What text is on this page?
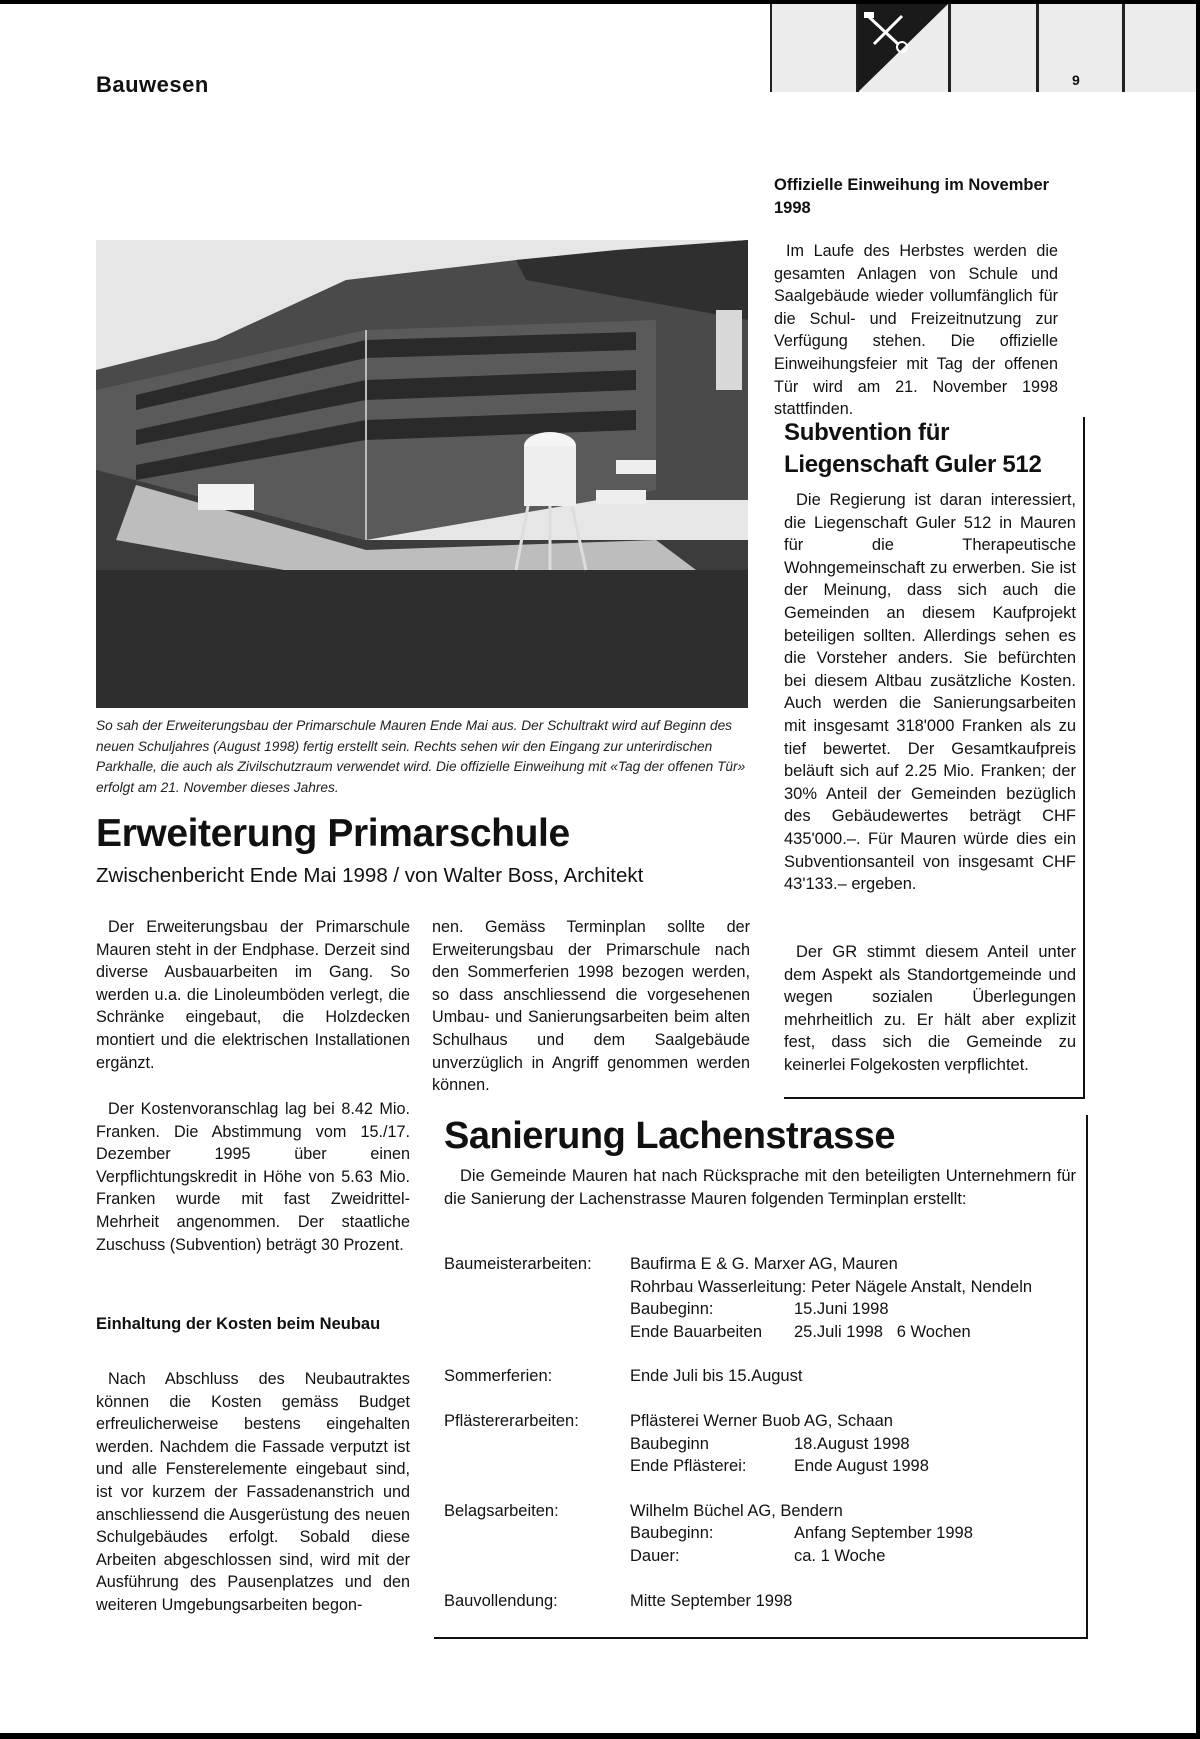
Bauwesen	9
So sah der Erweiterungsbau der Primarschule Mauren Ende Mai aus. Der Schultrakt wird auf Beginn des neuen Schuljahres (August 1998) fertig erstellt sein. Rechts sehen wir den Eingang zur unterirdischen Parkhalle, die auch als Zivilschutzraum verwendet wird. Die offizielle Einweihung mit «Tag der offenen Tür» erfolgt am 21. November dieses Jahres.
Erweiterung Primarschule
Zwischenbericht Ende Mai 1998 / von Walter Boss, Architekt

Der Erweiterungsbau der Primarschule Mauren steht in der Endphase. Derzeit sind diverse Ausbauarbeiten im Gang. So werden u.a. die Linoleumböden verlegt, die Schränke eingebaut, die Holzdecken montiert und die elektrischen Installationen ergänzt.

Der Kostenvoranschlag lag bei 8.42 Mio. Franken. Die Abstimmung vom 15./17. Dezember 1995 über einen Verpflichtungskredit in Höhe von 5.63 Mio. Franken wurde mit fast Zweidrittel- Mehrheit angenommen. Der staatliche Zuschuss (Subvention) beträgt 30 Prozent.

Einhaltung der Kosten beim Neubau

Nach Abschluss des Neubautraktes können die Kosten gemäss Budget erfreulicherweise bestens eingehalten werden. Nachdem die Fassade verputzt ist und alle Fensterelemente eingebaut sind, ist vor kurzem der Fassadenanstrich und anschliessend die Ausgerüstung des neuen Schulgebäudes erfolgt. Sobald diese Arbeiten abgeschlossen sind, wird mit der Ausführung des Pausenplatzes und den weiteren Umgebungsarbeiten begon-

nen. Gemäss Terminplan sollte der Erweiterungsbau der Primarschule nach den Sommerferien 1998 bezogen werden, so dass anschliessend die vorgesehenen Umbau- und Sanierungsarbeiten beim alten Schulhaus und dem Saalgebäude unverzüglich in Angriff genommen werden können.

Offizielle Einweihung im November 1998

Im Laufe des Herbstes werden die gesamten Anlagen von Schule und Saalgebäude wieder vollumfänglich für die Schul- und Freizeitnutzung zur Verfügung stehen. Die offizielle Einweihungsfeier mit Tag der offenen Tür wird am 21. November 1998 stattfinden.

Subvention für Liegenschaft Guler 512

Die Regierung ist daran interessiert, die Liegenschaft Guler 512 in Mauren für die Therapeutische Wohngemeinschaft zu erwerben. Sie ist der Meinung, dass sich auch die Gemeinden an diesem Kaufprojekt beteiligen sollten. Allerdings sehen es die Vorsteher anders. Sie befürchten bei diesem Altbau zusätzliche Kosten. Auch werden die Sanierungsarbeiten mit insgesamt 318'000 Franken als zu tief bewertet. Der Gesamtkaufpreis beläuft sich auf 2.25 Mio. Franken; der 30% Anteil der Gemeinden bezüglich des Gebäudewertes beträgt CHF 435'000.–. Für Mauren würde dies ein Subventionsanteil von insgesamt CHF 43'133.– ergeben.

Der GR stimmt diesem Anteil unter dem Aspekt als Standortgemeinde und wegen sozialen Überlegungen mehrheitlich zu. Er hält aber explizit fest, dass sich die Gemeinde zu keinerlei Folgekosten verpflichtet.

Sanierung Lachenstrasse
Die Gemeinde Mauren hat nach Rücksprache mit den beteiligten Unternehmern für die Sanierung der Lachenstrasse Mauren folgenden Terminplan erstellt:
Baumeisterarbeiten:	Baufirma E & G. Marxer AG, Mauren
Rohrbau Wasserleitung: Peter Nägele Anstalt, Nendeln
Baubeginn:	15.Juni 1998
Ende Bauarbeiten	25.Juli 1998   6 Wochen
Sommerferien:	Ende Juli bis 15.August
Pflästererarbeiten:	Pflästerei Werner Buob AG, Schaan
Baubeginn	18.August 1998
Ende Pflästerei:	Ende August 1998
Belagsarbeiten:	Wilhelm Büchel AG, Bendern
Baubeginn:	Anfang September 1998
Dauer:	ca. 1 Woche
Bauvollendung:	Mitte September 1998
